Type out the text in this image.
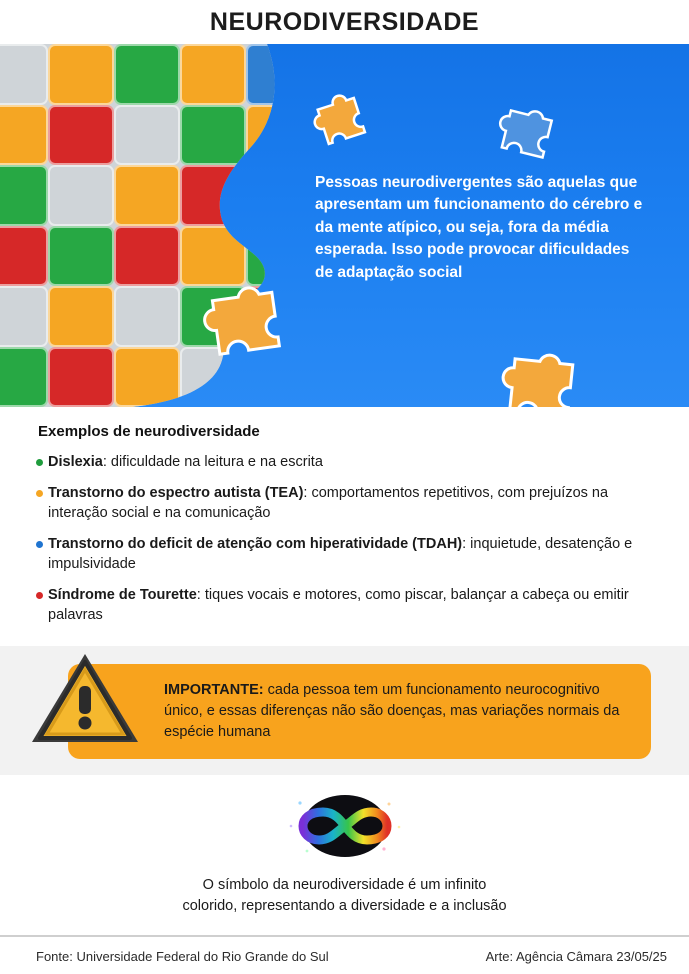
NEURODIVERSIDADE
Pessoas neurodivergentes são aquelas que apresentam um funcionamento do cérebro e da mente atípico, ou seja, fora da média esperada. Isso pode provocar dificuldades de adaptação social
Exemplos de neurodiversidade
Dislexia: dificuldade na leitura e na escrita
Transtorno do espectro autista (TEA): comportamentos repetitivos, com prejuízos na interação social e na comunicação
Transtorno do deficit de atenção com hiperatividade (TDAH): inquietude, desatenção e impulsividade
Síndrome de Tourette: tiques vocais e motores, como piscar, balançar a cabeça ou emitir palavras
IMPORTANTE: cada pessoa tem um funcionamento neurocognitivo único, e essas diferenças não são doenças, mas variações normais da espécie humana
O símbolo da neurodiversidade é um infinito
colorido, representando a diversidade e a inclusão
Fonte: Universidade Federal do Rio Grande do Sul	Arte: Agência Câmara 23/05/25
